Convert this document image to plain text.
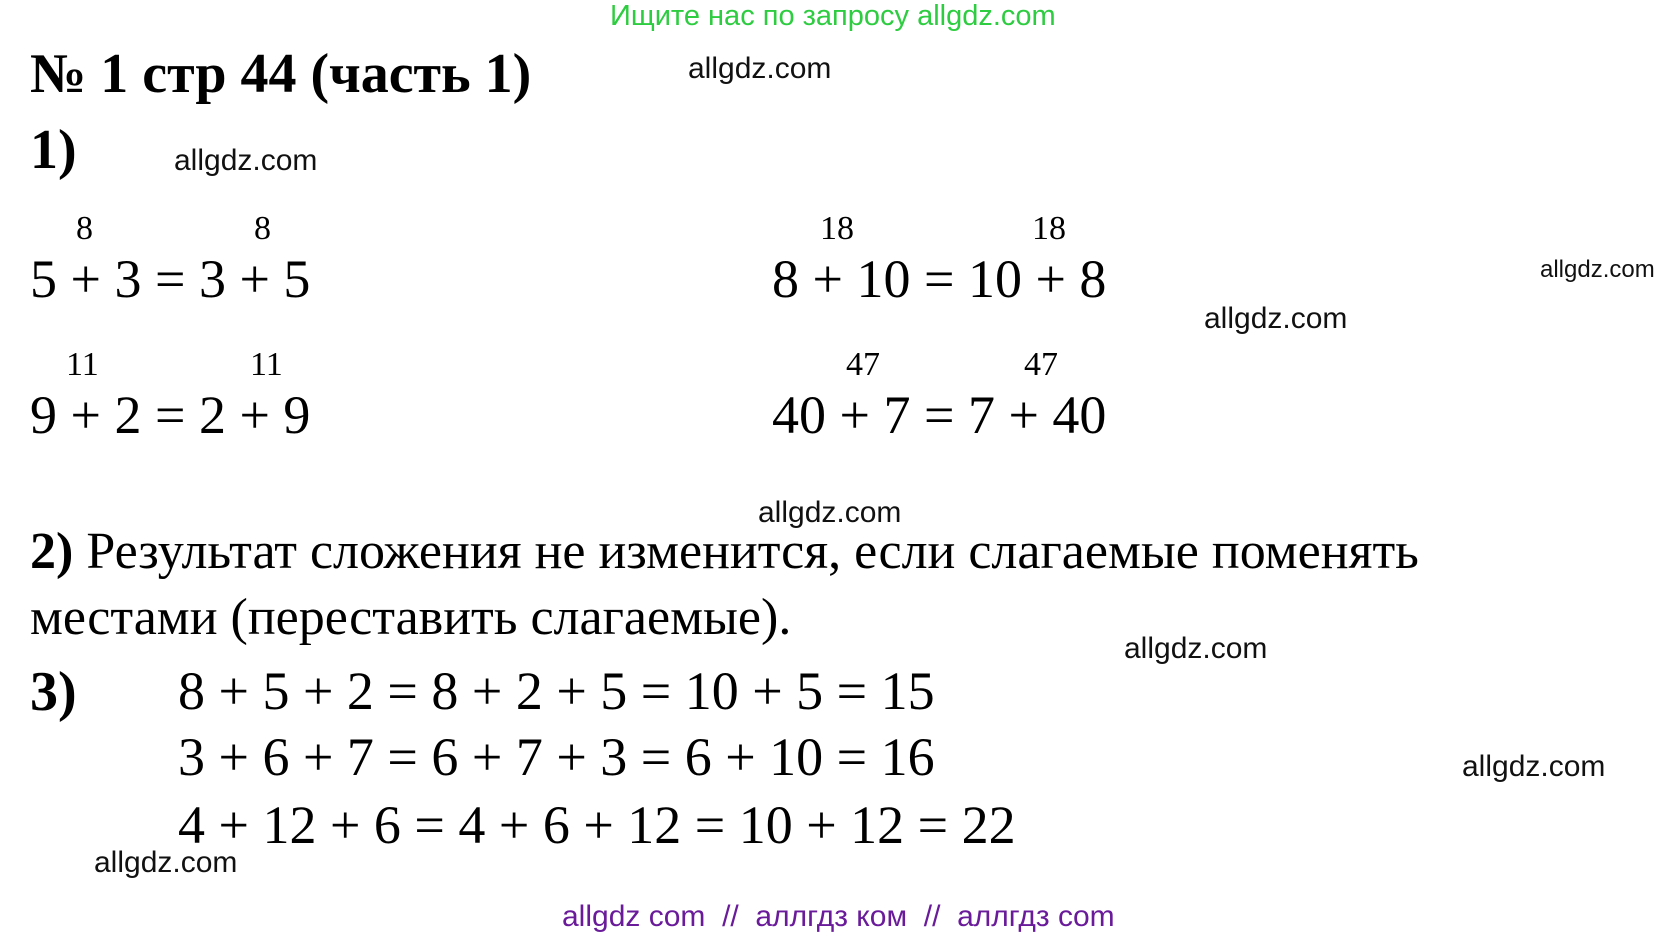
Ищите нас по запросу allgdz.com
№ 1 стр 44 (часть 1)	allgdz.com
allgdz.com
allgdz.com
allgdz.com
allgdz.com
allgdz.com
allgdz.com
allgdz.com
1)
8	8
5 + 3 = 3 + 5
18	18
8 + 10 = 10 + 8
11	11
9 + 2 = 2 + 9
47	47
40 + 7 = 7 + 40
2) Результат сложения не изменится, если слагаемые поменять
местами (переставить слагаемые).
3) 8 + 5 + 2 = 8 + 2 + 5 = 10 + 5 = 15
3 + 6 + 7 = 6 + 7 + 3 = 6 + 10 = 16
4 + 12 + 6 = 4 + 6 + 12 = 10 + 12 = 22
allgdz com // аллгдз ком // аллгдз com
